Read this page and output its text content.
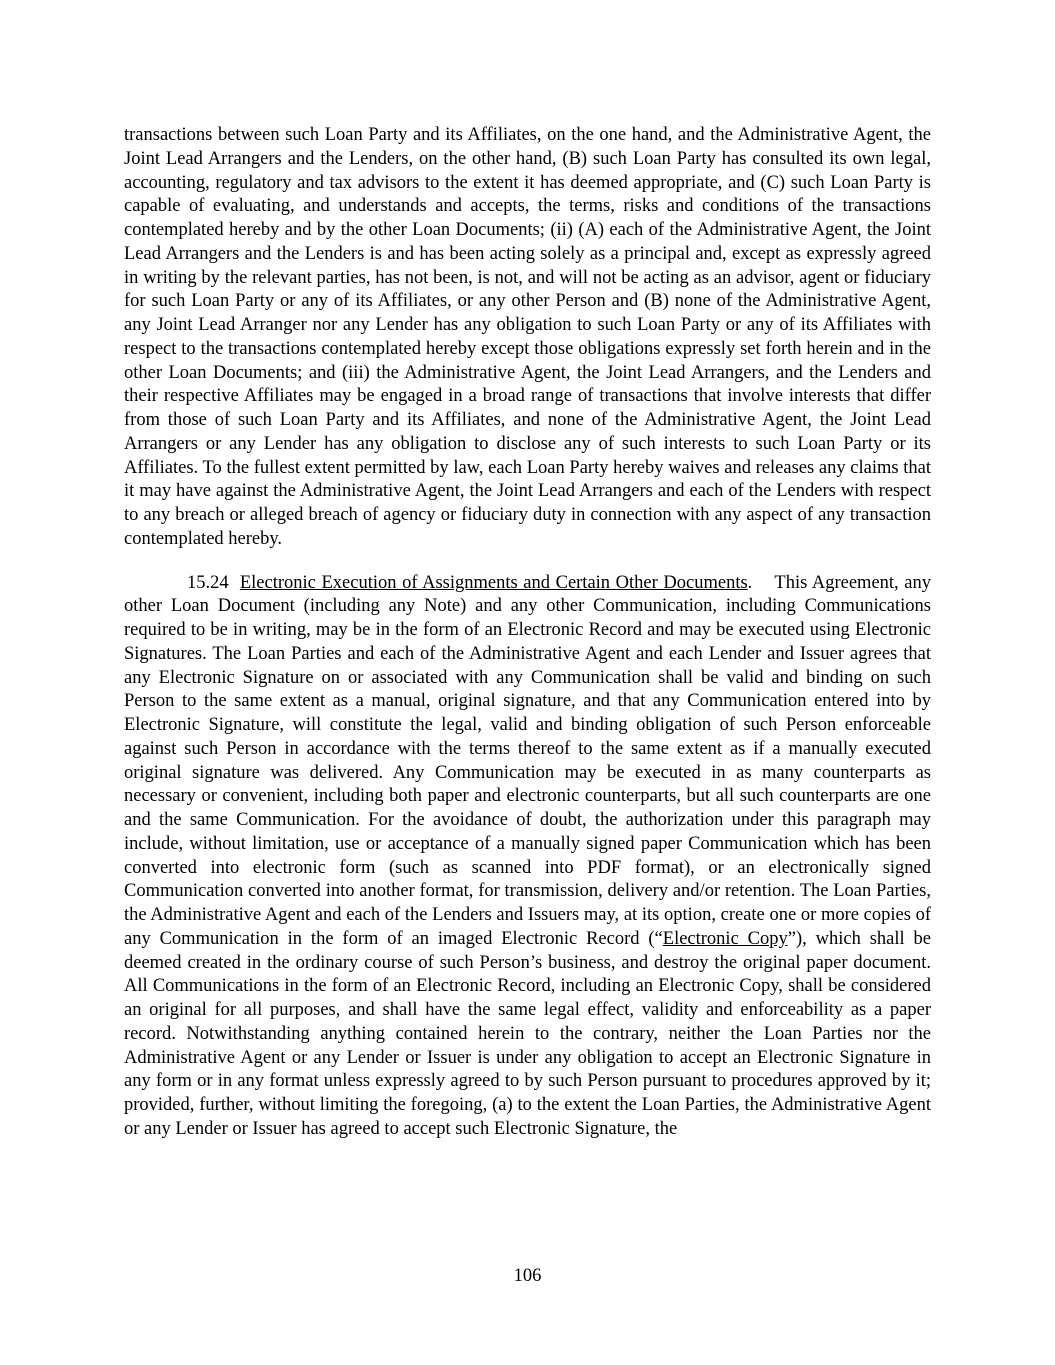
transactions between such Loan Party and its Affiliates, on the one hand, and the Administrative Agent, the Joint Lead Arrangers and the Lenders, on the other hand, (B) such Loan Party has consulted its own legal, accounting, regulatory and tax advisors to the extent it has deemed appropriate, and (C) such Loan Party is capable of evaluating, and understands and accepts, the terms, risks and conditions of the transactions contemplated hereby and by the other Loan Documents; (ii) (A) each of the Administrative Agent, the Joint Lead Arrangers and the Lenders is and has been acting solely as a principal and, except as expressly agreed in writing by the relevant parties, has not been, is not, and will not be acting as an advisor, agent or fiduciary for such Loan Party or any of its Affiliates, or any other Person and (B) none of the Administrative Agent, any Joint Lead Arranger nor any Lender has any obligation to such Loan Party or any of its Affiliates with respect to the transactions contemplated hereby except those obligations expressly set forth herein and in the other Loan Documents; and (iii) the Administrative Agent, the Joint Lead Arrangers, and the Lenders and their respective Affiliates may be engaged in a broad range of transactions that involve interests that differ from those of such Loan Party and its Affiliates, and none of the Administrative Agent, the Joint Lead Arrangers or any Lender has any obligation to disclose any of such interests to such Loan Party or its Affiliates. To the fullest extent permitted by law, each Loan Party hereby waives and releases any claims that it may have against the Administrative Agent, the Joint Lead Arrangers and each of the Lenders with respect to any breach or alleged breach of agency or fiduciary duty in connection with any aspect of any transaction contemplated hereby.

15.24 Electronic Execution of Assignments and Certain Other Documents. This Agreement, any other Loan Document (including any Note) and any other Communication, including Communications required to be in writing, may be in the form of an Electronic Record and may be executed using Electronic Signatures. The Loan Parties and each of the Administrative Agent and each Lender and Issuer agrees that any Electronic Signature on or associated with any Communication shall be valid and binding on such Person to the same extent as a manual, original signature, and that any Communication entered into by Electronic Signature, will constitute the legal, valid and binding obligation of such Person enforceable against such Person in accordance with the terms thereof to the same extent as if a manually executed original signature was delivered. Any Communication may be executed in as many counterparts as necessary or convenient, including both paper and electronic counterparts, but all such counterparts are one and the same Communication. For the avoidance of doubt, the authorization under this paragraph may include, without limitation, use or acceptance of a manually signed paper Communication which has been converted into electronic form (such as scanned into PDF format), or an electronically signed Communication converted into another format, for transmission, delivery and/or retention. The Loan Parties, the Administrative Agent and each of the Lenders and Issuers may, at its option, create one or more copies of any Communication in the form of an imaged Electronic Record (“Electronic Copy”), which shall be deemed created in the ordinary course of such Person’s business, and destroy the original paper document. All Communications in the form of an Electronic Record, including an Electronic Copy, shall be considered an original for all purposes, and shall have the same legal effect, validity and enforceability as a paper record. Notwithstanding anything contained herein to the contrary, neither the Loan Parties nor the Administrative Agent or any Lender or Issuer is under any obligation to accept an Electronic Signature in any form or in any format unless expressly agreed to by such Person pursuant to procedures approved by it; provided, further, without limiting the foregoing, (a) to the extent the Loan Parties, the Administrative Agent or any Lender or Issuer has agreed to accept such Electronic Signature, the

106
